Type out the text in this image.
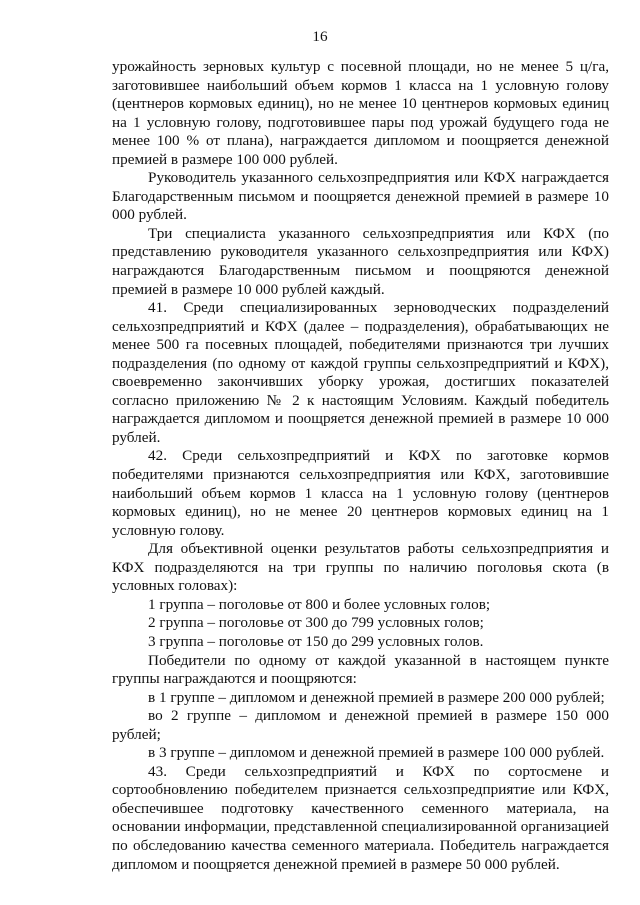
16

урожайность зерновых культур с посевной площади, но не менее 5 ц/га, заготовившее наибольший объем кормов 1 класса на 1 условную голову (центнеров кормовых единиц), но не менее 10 центнеров кормовых единиц на 1 условную голову, подготовившее пары под урожай будущего года не менее 100 % от плана), награждается дипломом и поощряется денежной премией в размере 100 000 рублей.

Руководитель указанного сельхозпредприятия или КФХ награждается Благодарственным письмом и поощряется денежной премией в размере 10 000 рублей.

Три специалиста указанного сельхозпредприятия или КФХ (по представлению руководителя указанного сельхозпредприятия или КФХ) награждаются Благодарственным письмом и поощряются денежной премией в размере 10 000 рублей каждый.

41. Среди специализированных зерноводческих подразделений сельхозпредприятий и КФХ (далее – подразделения), обрабатывающих не менее 500 га посевных площадей, победителями признаются три лучших подразделения (по одному от каждой группы сельхозпредприятий и КФХ), своевременно закончивших уборку урожая, достигших показателей согласно приложению № 2 к настоящим Условиям. Каждый победитель награждается дипломом и поощряется денежной премией в размере 10 000 рублей.

42. Среди сельхозпредприятий и КФХ по заготовке кормов победителями признаются сельхозпредприятия или КФХ, заготовившие наибольший объем кормов 1 класса на 1 условную голову (центнеров кормовых единиц), но не менее 20 центнеров кормовых единиц на 1 условную голову.

Для объективной оценки результатов работы сельхозпредприятия и КФХ подразделяются на три группы по наличию поголовья скота (в условных головах):

1 группа – поголовье от 800 и более условных голов;

2 группа – поголовье от 300 до 799 условных голов;

3 группа – поголовье от 150 до 299 условных голов.

Победители по одному от каждой указанной в настоящем пункте группы награждаются и поощряются:

в 1 группе – дипломом и денежной премией в размере 200 000 рублей;

во 2 группе – дипломом и денежной премией в размере 150 000 рублей;

в 3 группе – дипломом и денежной премией в размере 100 000 рублей.

43. Среди сельхозпредприятий и КФХ по сортосмене и сортообновлению победителем признается сельхозпредприятие или КФХ, обеспечившее подготовку качественного семенного материала, на основании информации, представленной специализированной организацией по обследованию качества семенного материала. Победитель награждается дипломом и поощряется денежной премией в размере 50 000 рублей.
